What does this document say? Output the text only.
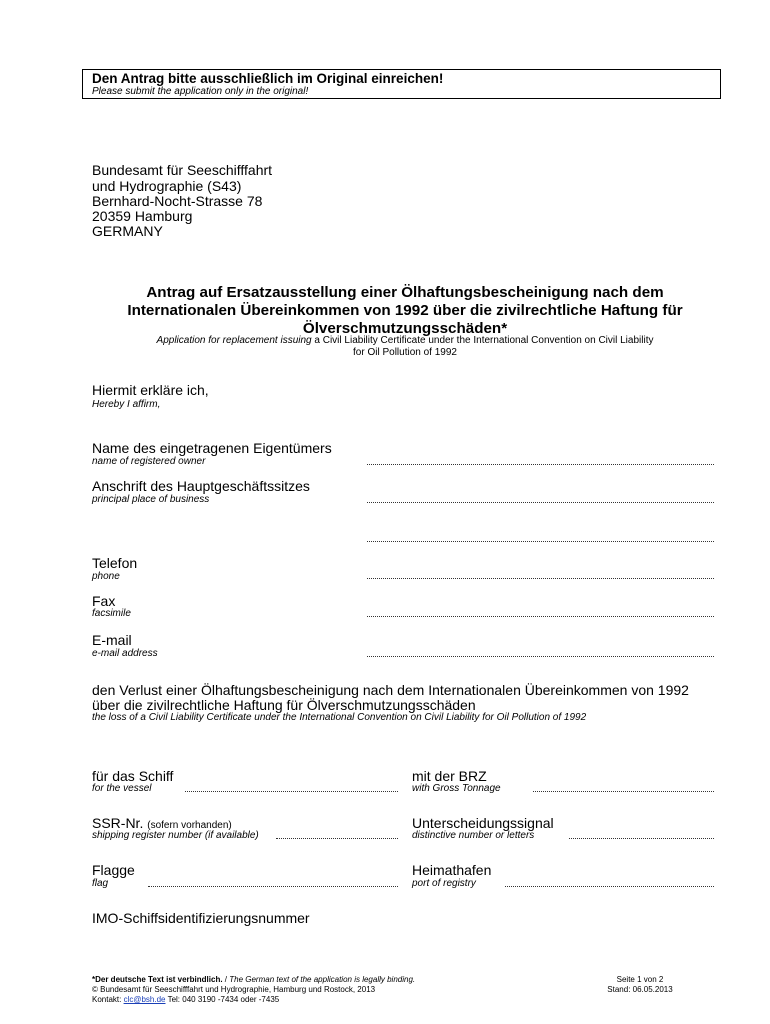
Den Antrag bitte ausschließlich im Original einreichen!
Please submit the application only in the original!
Bundesamt für Seeschifffahrt
und Hydrographie (S43)
Bernhard-Nocht-Strasse 78
20359 Hamburg
GERMANY
Antrag auf Ersatzausstellung einer Ölhaftungsbescheinigung nach dem
Internationalen Übereinkommen von 1992 über die zivilrechtliche Haftung für
Ölverschmutzungsschäden*
Application for replacement issuing a Civil Liability Certificate under the International Convention on Civil Liability
for Oil Pollution of 1992
Hiermit erkläre ich,
Hereby I affirm,
Name des eingetragenen Eigentümers
name of registered owner
Anschrift des Hauptgeschäftssitzes
principal place of business
Telefon
phone
Fax
facsimile
E-mail
e-mail address
den Verlust einer Ölhaftungsbescheinigung nach dem Internationalen Übereinkommen von 1992
über die zivilrechtliche Haftung für Ölverschmutzungsschäden
the loss of a Civil Liability Certificate under the International Convention on Civil Liability for Oil Pollution of 1992
für das Schiff
for the vessel
mit der BRZ
with Gross Tonnage
SSR-Nr. (sofern vorhanden)
shipping register number (if available)
Unterscheidungssignal
distinctive number or letters
Flagge
flag
Heimathafen
port of registry
IMO-Schiffsidentifizierungsnummer
*Der deutsche Text ist verbindlich. / The German text of the application is legally binding.
© Bundesamt für Seeschifffahrt und Hydrographie, Hamburg und Rostock, 2013
Kontakt: clc@bsh.de Tel: 040 3190 -7434 oder -7435
Seite 1 von 2
Stand: 06.05.2013
